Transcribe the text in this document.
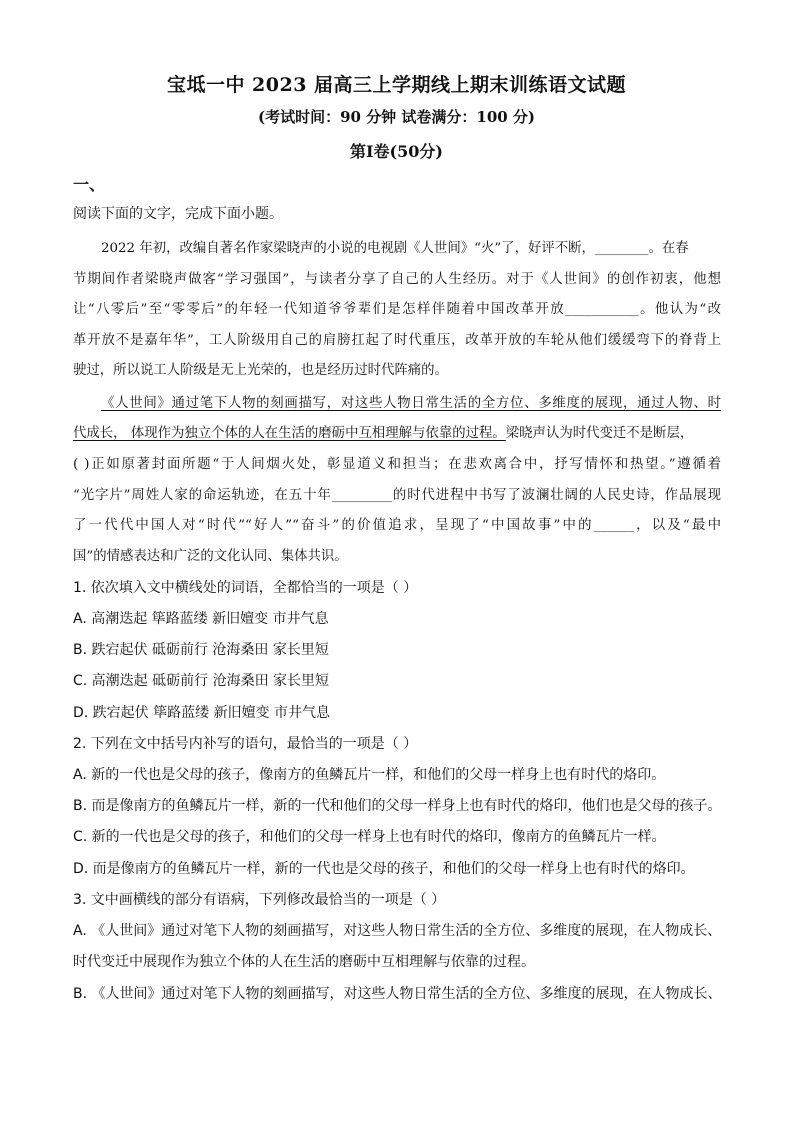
宝坻一中 2023 届高三上学期线上期末训练语文试题
(考试时间：90 分钟 试卷满分：100 分)
第Ⅰ卷(50分)
一、
阅读下面的文字，完成下面小题。
2022 年初，改编自著名作家梁晓声的小说的电视剧《人世间》“火”了，好评不断，________。在春
节期间作者梁晓声做客“学习强国”，与读者分享了自己的人生经历。对于《人世间》的创作初衷，他想
让“八零后”至“零零后”的年轻一代知道爷爷辈们是怎样伴随着中国改革开放___________。他认为“改
革开放不是嘉年华”，工人阶级用自己的肩膀扛起了时代重压，改革开放的车轮从他们缓缓弯下的脊背上
驶过，所以说工人阶级是无上光荣的，也是经历过时代阵痛的。
《人世间》通过笔下人物的刻画描写，对这些人物日常生活的全方位、多维度的展现，通过人物、时
代成长， 体现作为独立个体的人在生活的磨砺中互相理解与依靠的过程。梁晓声认为时代变迁不是断层，
( )正如原著封面所题“于人间烟火处，彰显道义和担当；在悲欢离合中，抒写情怀和热望。”遵循着
“光字片”周姓人家的命运轨迹，在五十年_________的时代进程中书写了波澜壮阔的人民史诗，作品展现
了一代代中国人对“时代”“好人”“奋斗”的价值追求，呈现了“中国故事”中的______，以及“最中
国”的情感表达和广泛的文化认同、集体共识。
1. 依次填入文中横线处的词语，全都恰当的一项是（ ）
A. 高潮迭起 筚路蓝缕 新旧嬗变 市井气息
B. 跌宕起伏 砥砺前行 沧海桑田 家长里短
C. 高潮迭起 砥砺前行 沧海桑田 家长里短
D. 跌宕起伏 筚路蓝缕 新旧嬗变 市井气息
2. 下列在文中括号内补写的语句，最恰当的一项是（ ）
A. 新的一代也是父母的孩子，像南方的鱼鳞瓦片一样，和他们的父母一样身上也有时代的烙印。
B. 而是像南方的鱼鳞瓦片一样，新的一代和他们的父母一样身上也有时代的烙印，他们也是父母的孩子。
C. 新的一代也是父母的孩子，和他们的父母一样身上也有时代的烙印，像南方的鱼鳞瓦片一样。
D. 而是像南方的鱼鳞瓦片一样，新的一代也是父母的孩子，和他们的父母一样身上也有时代的烙印。
3. 文中画横线的部分有语病，下列修改最恰当的一项是（ ）
A. 《人世间》通过对笔下人物的刻画描写，对这些人物日常生活的全方位、多维度的展现，在人物成长、
时代变迁中展现作为独立个体的人在生活的磨砺中互相理解与依靠的过程。
B. 《人世间》通过对笔下人物的刻画描写，对这些人物日常生活的全方位、多维度的展现，在人物成长、
